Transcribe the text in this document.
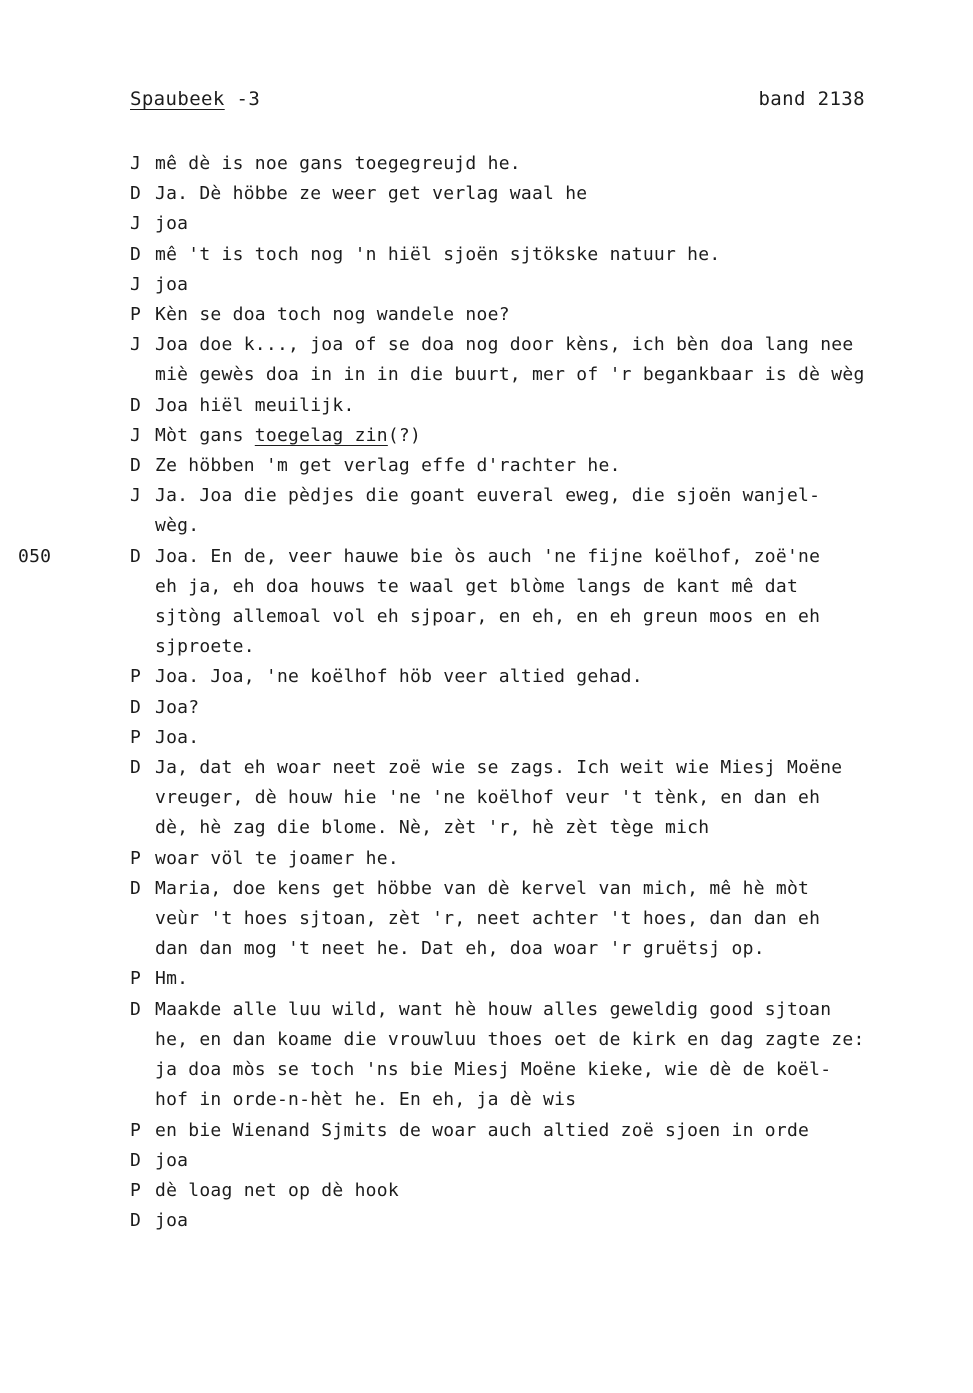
Spaubeek -3	band 2138
J mê dè is noe gans toegegreujd he.
D Ja. Dè höbbe ze weer get verlag waal he
J joa
D mê 't is toch nog 'n hiël sjoën sjtökske natuur he.
J joa
P Kèn se doa toch nog wandele noe?
J Joa doe k..., joa of se doa nog door kèns, ich bèn doa lang nee
miè gewès doa in in in die buurt, mer of 'r begankbaar is dè wèg
D Joa hiël meuilijk.
J Mòt gans toegelag zin(?)
D Ze höbben 'm get verlag effe d'rachter he.
J Ja. Joa die pèdjes die goant euveral eweg, die sjoën wanjel-
wèg.
050	D Joa. En de, veer hauwe bie òs auch 'ne fijne koëlhof, zoë'ne
eh ja, eh doa houws te waal get blòme langs de kant mê dat
sjtòng allemoal vol eh sjpoar, en eh, en eh greun moos en eh
sjproete.
P Joa. Joa, 'ne koëlhof höb veer altied gehad.
D Joa?
P Joa.
D Ja, dat eh woar neet zoë wie se zags. Ich weit wie Miesj Moëne
vreuger, dè houw hie 'ne 'ne koëlhof veur 't tènk, en dan eh
dè, hè zag die blome. Nè, zèt 'r, hè zèt tège mich
P woar völ te joamer he.
D Maria, doe kens get höbbe van dè kervel van mich, mê hè mòt
veùr 't hoes sjtoan, zèt 'r, neet achter 't hoes, dan dan eh
dan dan mog 't neet he. Dat eh, doa woar 'r gruëtsj op.
P Hm.
D Maakde alle luu wild, want hè houw alles geweldig good sjtoan
he, en dan koame die vrouwluu thoes oet de kirk en dag zagte ze:
ja doa mòs se toch 'ns bie Miesj Moëne kieke, wie dè de koël-
hof in orde-n-hèt he. En eh, ja dè wis
P en bie Wienand Sjmits de woar auch altied zoë sjoen in orde
D joa
P dè loag net op dè hook
D joa
